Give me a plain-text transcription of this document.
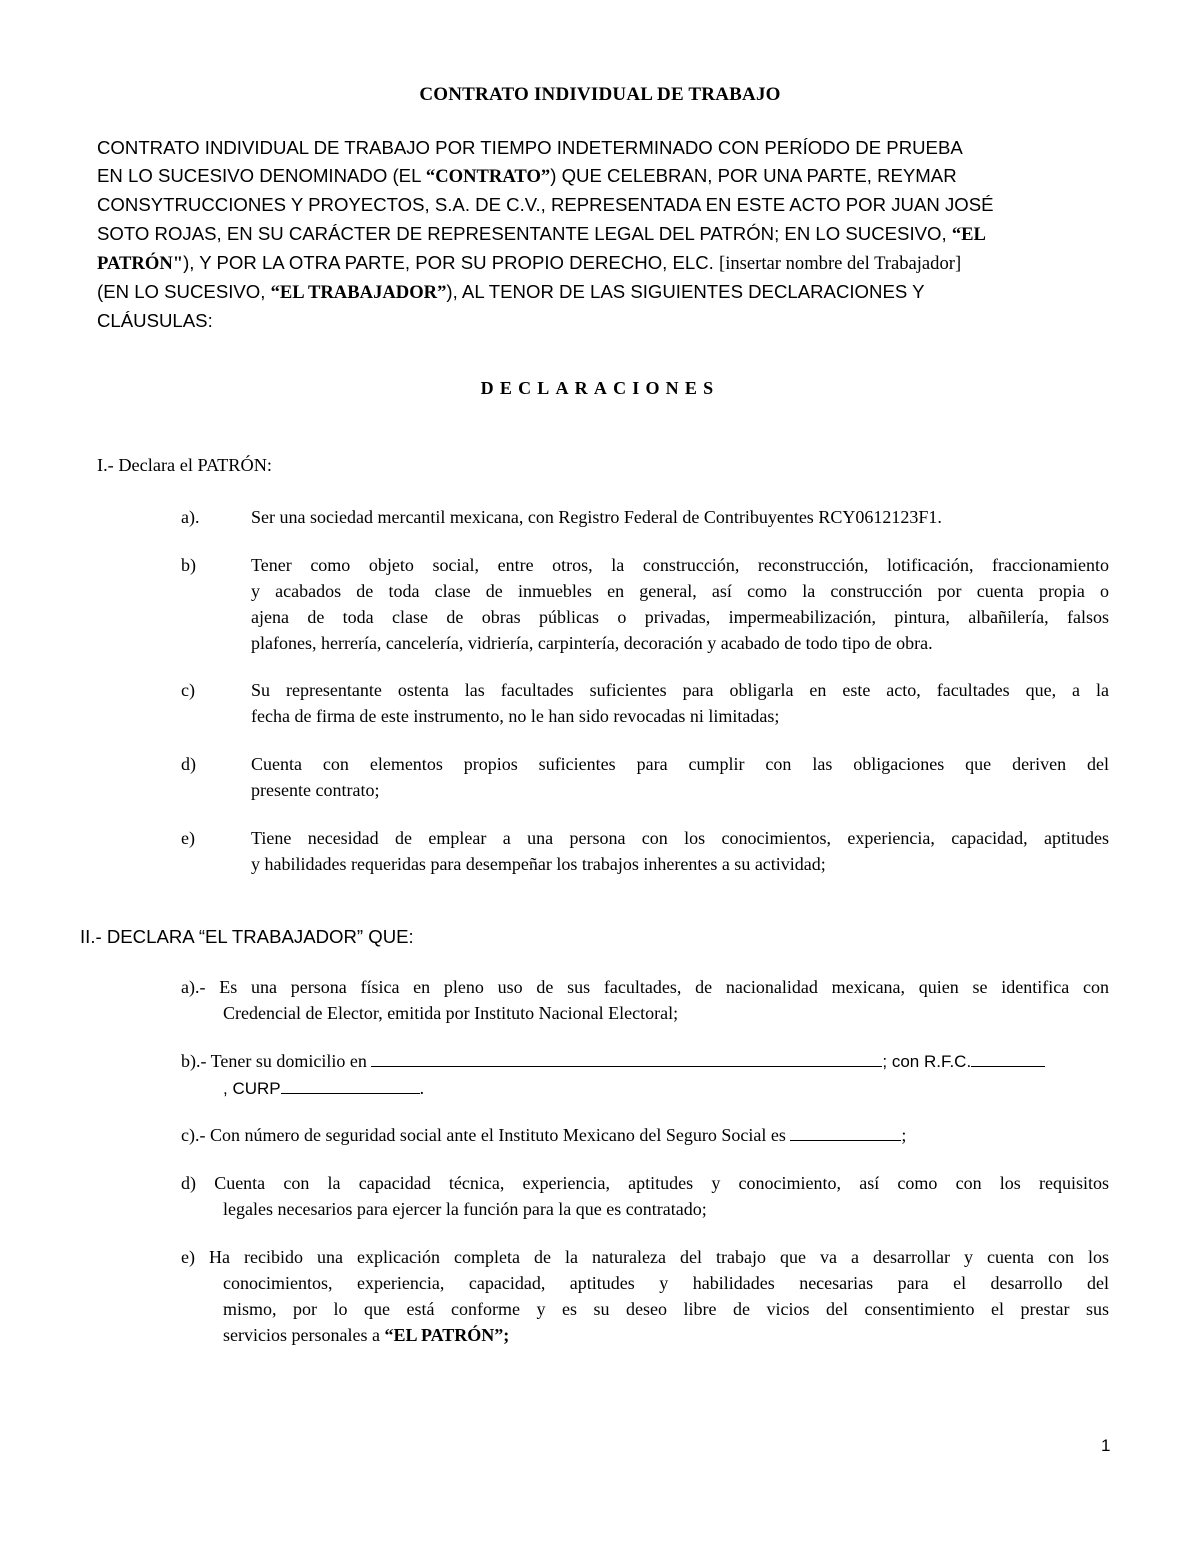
CONTRATO INDIVIDUAL DE TRABAJO
CONTRATO INDIVIDUAL DE TRABAJO POR TIEMPO INDETERMINADO CON PERÍODO DE PRUEBA
EN LO SUCESIVO DENOMINADO (EL “CONTRATO”) QUE CELEBRAN, POR UNA PARTE, REYMAR
CONSYTRUCCIONES Y PROYECTOS, S.A. DE C.V., REPRESENTADA EN ESTE ACTO POR JUAN JOSÉ
SOTO ROJAS, EN SU CARÁCTER DE REPRESENTANTE LEGAL DEL PATRÓN; EN LO SUCESIVO, “EL
PATRÓN"), Y POR LA OTRA PARTE, POR SU PROPIO DERECHO, ELC. [insertar nombre del Trabajador]
(EN LO SUCESIVO, “EL TRABAJADOR”), AL TENOR DE LAS SIGUIENTES DECLARACIONES Y
CLÁUSULAS:
DECLARACIONES
I.- Declara el PATRÓN:
a).	Ser una sociedad mercantil mexicana, con Registro Federal de Contribuyentes RCY0612123F1.
b)	Tener como objeto social, entre otros, la construcción, reconstrucción, lotificación, fraccionamiento
y acabados de toda clase de inmuebles en general, así como la construcción por cuenta propia o
ajena de toda clase de obras públicas o privadas, impermeabilización, pintura, albañilería, falsos
plafones, herrería, cancelería, vidriería, carpintería, decoración y acabado de todo tipo de obra.
c)	Su representante ostenta las facultades suficientes para obligarla en este acto, facultades que, a la
fecha de firma de este instrumento, no le han sido revocadas ni limitadas;
d)	Cuenta con elementos propios suficientes para cumplir con las obligaciones que deriven del
presente contrato;
e)	Tiene necesidad de emplear a una persona con los conocimientos, experiencia, capacidad, aptitudes
y habilidades requeridas para desempeñar los trabajos inherentes a su actividad;
II.- DECLARA “EL TRABAJADOR” QUE:
a).- Es una persona física en pleno uso de sus facultades, de nacionalidad mexicana, quien se identifica con
Credencial de Elector, emitida por Instituto Nacional Electoral;
b).- Tener su domicilio en	; con R.F.C.
, CURP	.
c).- Con número de seguridad social ante el Instituto Mexicano del Seguro Social es	;
d) Cuenta con la capacidad técnica, experiencia, aptitudes y conocimiento, así como con los requisitos
legales necesarios para ejercer la función para la que es contratado;
e) Ha recibido una explicación completa de la naturaleza del trabajo que va a desarrollar y cuenta con los
conocimientos, experiencia, capacidad, aptitudes y habilidades necesarias para el desarrollo del
mismo, por lo que está conforme y es su deseo libre de vicios del consentimiento el prestar sus
servicios personales a “EL PATRÓN”;
1
